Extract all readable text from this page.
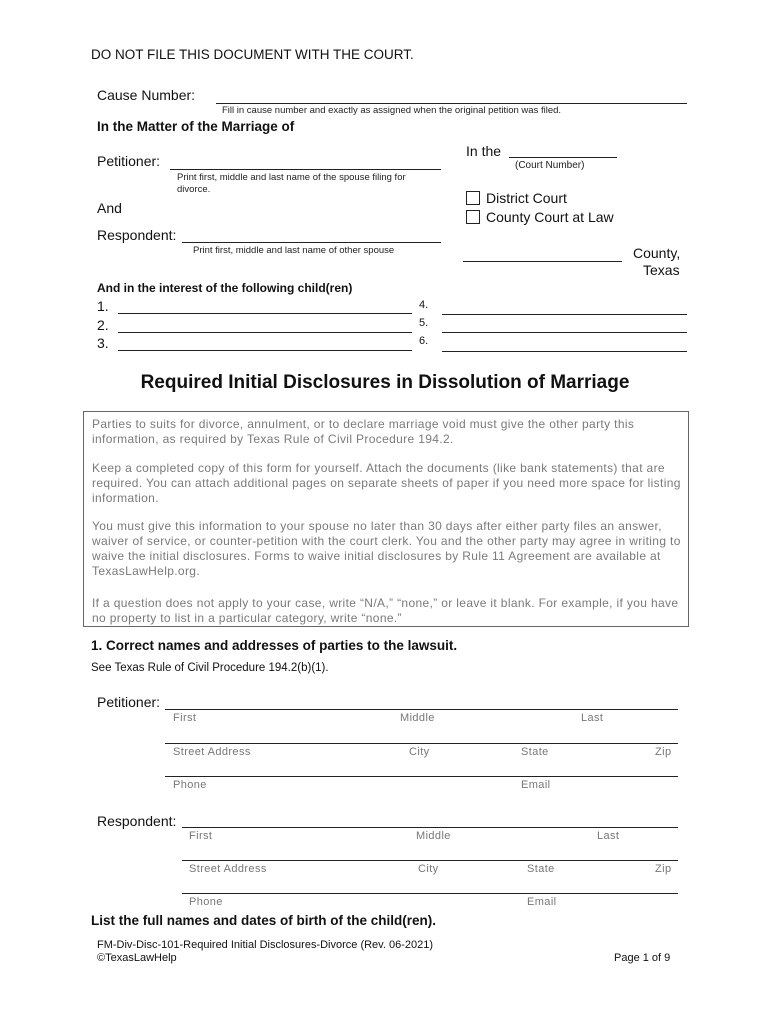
DO NOT FILE THIS DOCUMENT WITH THE COURT.
Cause Number:
Fill in cause number and exactly as assigned when the original petition was filed.
In the Matter of the Marriage of
Petitioner:
Print first, middle and last name of the spouse filing for
divorce.
And
Respondent:
Print first, middle and last name of other spouse
In the
(Court Number)
District Court
County Court at Law
County,
Texas
And in the interest of the following child(ren)
1.
2.
3.
4.
5.
6.
Required Initial Disclosures in Dissolution of Marriage

Parties to suits for divorce, annulment, or to declare marriage void must give the other party this information, as required by Texas Rule of Civil Procedure 194.2.

Keep a completed copy of this form for yourself. Attach the documents (like bank statements) that are required. You can attach additional pages on separate sheets of paper if you need more space for listing information.

You must give this information to your spouse no later than 30 days after either party files an answer, waiver of service, or counter-petition with the court clerk. You and the other party may agree in writing to waive the initial disclosures. Forms to waive initial disclosures by Rule 11 Agreement are available at TexasLawHelp.org.

If a question does not apply to your case, write “N/A,” “none,” or leave it blank. For example, if you have no property to list in a particular category, write “none.”

1. Correct names and addresses of parties to the lawsuit.
See Texas Rule of Civil Procedure 194.2(b)(1).
Petitioner:
First	Middle	Last
Street Address	City	State	Zip
Phone	Email
Respondent:
First	Middle	Last
Street Address	City	State	Zip
Phone	Email
List the full names and dates of birth of the child(ren).
FM-Div-Disc-101-Required Initial Disclosures-Divorce (Rev. 06-2021)
©TexasLawHelp	Page 1 of 9
